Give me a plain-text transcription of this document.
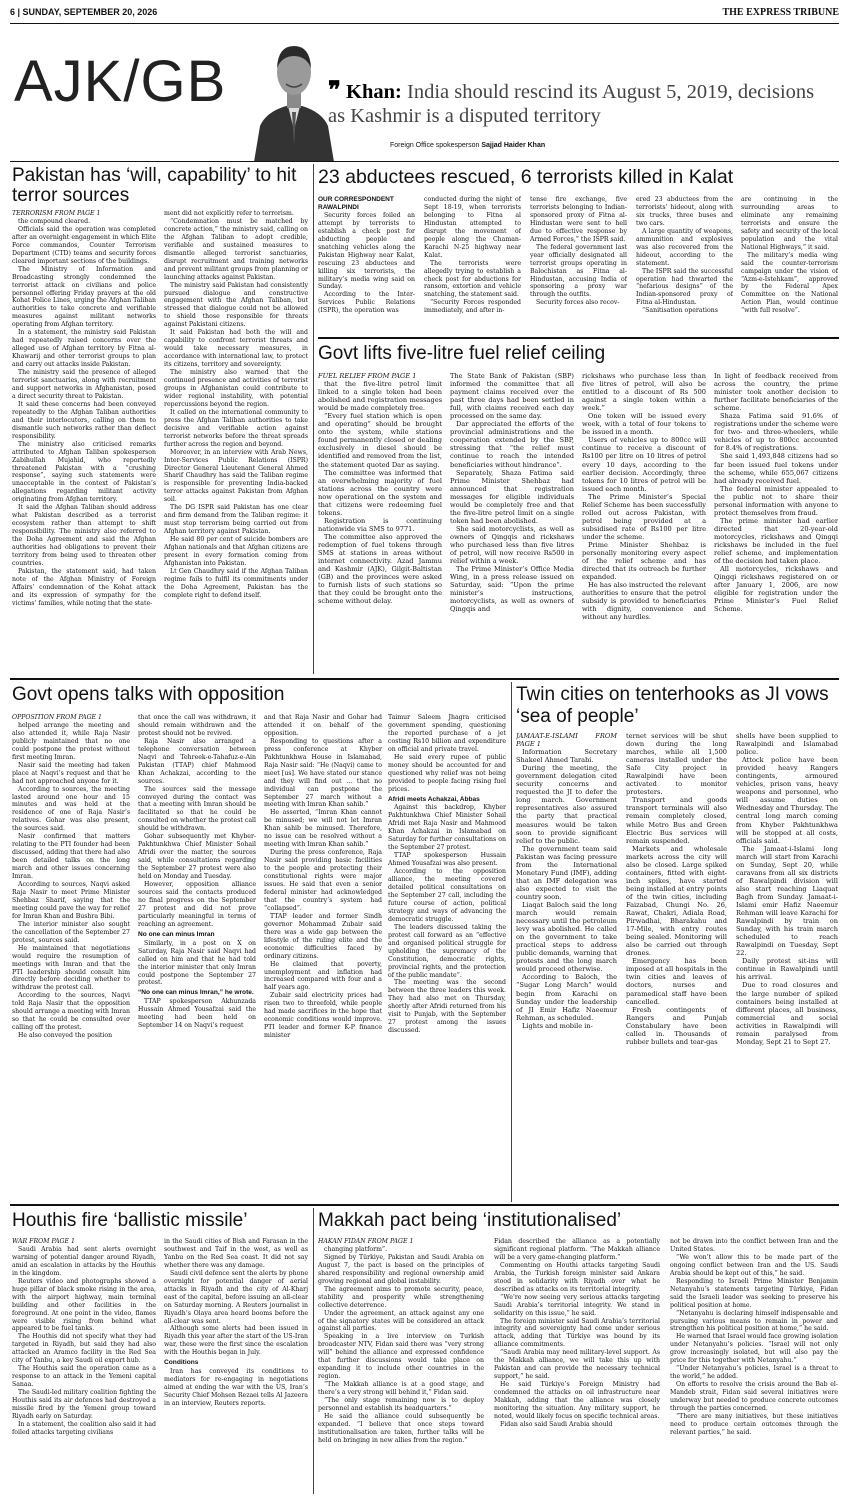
6 | SUNDAY, SEPTEMBER 20, 2026	THE EXPRESS TRIBUNE
AJK/GB	❞ Khan: India should rescind its August 5, 2019, decisions as Kashmir is a disputed territory
Foreign Office spokesperson Sajjad Haider Khan
Pakistan has ‘will, capability’ to hit terror sources

TERRORISM FROM PAGE 1

the compound cleared.

Officials said the operation was completed after an overnight engagement in which Elite Force commandos, Counter Terrorism Department (CTD) teams and security forces cleared important sections of the buildings.

The Ministry of Information and Broadcasting strongly condemned the terrorist attack on civilians and police personnel offering Friday prayers at the old Kohat Police Lines, urging the Afghan Taliban authorities to take concrete and verifiable measures against militant networks operating from Afghan territory.

In a statement, the ministry said Pakistan had repeatedly raised concerns over the alleged use of Afghan territory by Fitna al-Khawarij and other terrorist groups to plan and carry out attacks inside Pakistan.

The ministry said the presence of alleged terrorist sanctuaries, along with recruitment and support networks in Afghanistan, posed a direct security threat to Pakistan.

It said these concerns had been conveyed repeatedly to the Afghan Taliban authorities and their interlocutors, calling on them to dismantle such networks rather than deflect responsibility.

The ministry also criticised remarks attributed to Afghan Taliban spokesperson Zabihullah Mujahid, who reportedly threatened Pakistan with a “crushing response”, saying such statements were unacceptable in the context of Pakistan’s allegations regarding militant activity originating from Afghan territory.

It said the Afghan Taliban should address what Pakistan described as a terrorist ecosystem rather than attempt to shift responsibility. The ministry also referred to the Doha Agreement and said the Afghan authorities had obligations to prevent their territory from being used to threaten other countries.

Pakistan, the statement said, had taken note of the Afghan Ministry of Foreign Affairs’ condemnation of the Kohat attack and its expression of sympathy for the victims’ families, while noting that the state-

ment did not explicitly refer to terrorism.

“Condemnation must be matched by concrete action,” the ministry said, calling on the Afghan Taliban to adopt credible, verifiable and sustained measures to dismantle alleged terrorist sanctuaries, disrupt recruitment and training networks and prevent militant groups from planning or launching attacks against Pakistan.

The ministry said Pakistan had consistently pursued dialogue and constructive engagement with the Afghan Taliban, but stressed that dialogue could not be allowed to shield those responsible for threats against Pakistani citizens.

It said Pakistan had both the will and capability to confront terrorist threats and would take necessary measures, in accordance with international law, to protect its citizens, territory and sovereignty.

The ministry also warned that the continued presence and activities of terrorist groups in Afghanistan could contribute to wider regional instability, with potential repercussions beyond the region.

It called on the international community to press the Afghan Taliban authorities to take decisive and verifiable action against terrorist networks before the threat spreads further across the region and beyond.

Moreover, in an interview with Arab News, Inter-Services Public Relations (ISPR) Director General Lieutenant General Ahmed Sharif Chaudhry has said the Taliban regime is responsible for preventing India-backed terror attacks against Pakistan from Afghan soil.

The DG ISPR said Pakistan has one clear and firm demand from the Taliban regime: it must stop terrorism being carried out from Afghan territory against Pakistan.

He said 80 per cent of suicide bombers are Afghan nationals and that Afghan citizens are present in every formation coming from Afghanistan into Pakistan.

Lt Gen Chaudhry said if the Afghan Taliban regime fails to fulfil its commitments under the Doha Agreement, Pakistan has the complete right to defend itself.

23 abductees rescued, 6 terrorists killed in Kalat

OUR CORRESPONDENT

RAWALPINDI

Security forces foiled an attempt by terrorists to establish a check post for abducting people and snatching vehicles along the Pakistan Highway near Kalat, rescuing 23 abductees and killing six terrorists, the military’s media wing said on Sunday.

According to the Inter-Services Public Relations (ISPR), the operation was

conducted during the night of Sept 18-19, when terrorists belonging to Fitna al Hindustan attempted to disrupt the movement of people along the Chaman-Karachi N-25 highway near Kalat.

The terrorists were allegedly trying to establish a check post for abductions for ransom, extortion and vehicle snatching, the statement said.

“Security Forces responded immediately, and after in-

tense fire exchange, five terrorists belonging to Indian-sponsored proxy of Fitna al-Hindustan were sent to hell due to effective response by Armed Forces,” the ISPR said.

The federal government last year officially designated all terrorist groups operating in Balochistan as Fitna al-Hindustan, accusing India of sponsoring a proxy war through the outfits.

Security forces also recov-

ered 23 abductees from the terrorists’ hideout, along with six trucks, three buses and two cars.

A large quantity of weapons, ammunition and explosives was also recovered from the hideout, according to the statement.

The ISPR said the successful operation had thwarted the “nefarious designs” of the Indian-sponsored proxy of Fitna al-Hindustan.

“Sanitisation operations

are continuing in the surrounding areas to eliminate any remaining terrorists and ensure the safety and security of the local population and the vital National Highways,” it said.

The military’s media wing said the counter-terrorism campaign under the vision of “Azm-e-Istehkam”, approved by the Federal Apex Committee on the National Action Plan, would continue “with full resolve”.

Govt lifts five-litre fuel relief ceiling

FUEL RELIEF FROM PAGE 1

that the five-litre petrol limit linked to a single token had been abolished and registration messages would be made completely free.

“Every fuel station which is open and operating” should be brought onto the system, while stations found permanently closed or dealing exclusively in diesel should be identified and removed from the list, the statement quoted Dar as saying.

The committee was informed that an overwhelming majority of fuel stations across the country were now operational on the system and that citizens were redeeming fuel tokens.

Registration is continuing nationwide via SMS to 9771.

The committee also approved the redemption of fuel tokens through SMS at stations in areas without internet connectivity. Azad Jammu and Kashmir (AJK), Gilgit-Baltistan (GB) and the provinces were asked to furnish lists of such stations so that they could be brought onto the scheme without delay.

The State Bank of Pakistan (SBP) informed the committee that all payment claims received over the past three days had been settled in full, with claims received each day processed on the same day.

Dar appreciated the efforts of the provincial administrations and the cooperation extended by the SBP, stressing that “the relief must continue to reach the intended beneficiaries without hindrance”.

Separately, Shaza Fatima said Prime Minister Shehbaz had announced that registration messages for eligible individuals would be completely free and that the five-litre petrol limit on a single token had been abolished.

She said motorcyclists, as well as owners of Qingqis and rickshaws who purchased less than five litres of petrol, will now receive Rs500 in relief within a week.

The Prime Minister’s Office Media Wing, in a press release issued on Saturday, said: “Upon the prime minister’s instructions, motorcyclists, as well as owners of Qingqis and

rickshaws who purchase less than five litres of petrol, will also be entitled to a discount of Rs 500 against a single token within a week.”

One token will be issued every week, with a total of four tokens to be issued in a month.

Users of vehicles up to 800cc will continue to receive a discount of Rs100 per litre on 10 litres of petrol every 10 days, according to the earlier decision. Accordingly, three tokens for 10 litres of petrol will be issued each month.

The Prime Minister’s Special Relief Scheme has been successfully rolled out across Pakistan, with petrol being provided at a subsidised rate of Rs100 per litre under the scheme.

Prime Minister Shehbaz is personally monitoring every aspect of the relief scheme and has directed that its outreach be further expanded.

He has also instructed the relevant authorities to ensure that the petrol subsidy is provided to beneficiaries with dignity, convenience and without any hurdles.

In light of feedback received from across the country, the prime minister took another decision to further facilitate beneficiaries of the scheme.

Shaza Fatima said 91.6% of registrations under the scheme were for two- and three-wheelers, while vehicles of up to 800cc accounted for 8.4% of registrations.

She said 1,493,848 citizens had so far been issued fuel tokens under the scheme, while 655,067 citizens had already received fuel.

The federal minister appealed to the public not to share their personal information with anyone to protect themselves from fraud.

The prime minister had earlier directed that 20-year-old motorcycles, rickshaws and Qingqi rickshaws be included in the fuel relief scheme, and implementation of the decision had taken place.

All motorcycles, rickshaws and Qingqi rickshaws registered on or after January 1, 2006, are now eligible for registration under the Prime Minister’s Fuel Relief Scheme.

Govt opens talks with opposition

OPPOSITION FROM PAGE 1

helped arrange the meeting and also attended it, while Raja Nasir publicly maintained that no one could postpone the protest without first meeting Imran.

Nasir said the meeting had taken place at Naqvi’s request and that he had not approached anyone for it.

According to sources, the meeting lasted around one hour and 15 minutes and was held at the residence of one of Raja Nasir’s relatives. Gohar was also present, the sources said.

Nasir confirmed that matters relating to the PTI founder had been discussed, adding that there had also been detailed talks on the long march and other issues concerning Imran.

According to sources, Naqvi asked Raja Nasir to meet Prime Minister Shehbaz Sharif, saying that the meeting could pave the way for relief for Imran Khan and Bushra Bibi.

The interior minister also sought the cancellation of the September 27 protest, sources said.

He maintained that negotiations would require the resumption of meetings with Imran and that the PTI leadership should consult him directly before deciding whether to withdraw the protest call.

According to the sources, Naqvi told Raja Nasir that the opposition should arrange a meeting with Imran so that he could be consulted over calling off the protest.

He also conveyed the position

that once the call was withdrawn, it should remain withdrawn and the protest should not be revived.

Raja Nasir also arranged a telephone conversation between Naqvi and Tehreek-e-Tahafuz-e-Ain Pakistan (TTAP) chief Mahmood Khan Achakzai, according to the sources.

The sources said the message conveyed during the contact was that a meeting with Imran should be facilitated so that he could be consulted on whether the protest call should be withdrawn.

Gohar subsequently met Khyber-Pakhtunkhwa Chief Minister Sohail Afridi over the matter, the sources said, while consultations regarding the September 27 protest were also held on Monday and Tuesday.

However, opposition alliance sources said the contacts produced no final progress on the September 27 protest and did not prove particularly meaningful in terms of reaching an agreement.

No one can minus Imran

Similarly, in a post on X on Saturday, Raja Nasir said Naqvi had called on him and that he had told the interior minister that only Imran could postpone the September 27 protest.

“No one can minus Imran,” he wrote.

TTAP spokesperson Akhunzada Hussain Ahmed Yousafzai said the meeting had been held on September 14 on Naqvi’s request

and that Raja Nasir and Gohar had attended it on behalf of the opposition.

Responding to questions after a press conference at Khyber Pakhtunkhwa House in Islamabad, Raja Nasir said: “He (Naqvi) came to meet [us]. We have stated our stance and they will find out ... that no individual can postpone the September 27 march without a meeting with Imran Khan sahib.”

He asserted, “Imran Khan cannot be minused; we will not let Imran Khan sahib be minused. Therefore, no issue can be resolved without a meeting with Imran Khan sahib.”

During the press conference, Raja Nasir said providing basic facilities to the people and protecting their constitutional rights were major issues. He said that even a senior federal minister had acknowledged that the country’s system had “collapsed”.

TTAP leader and former Sindh governor Mohammad Zubair said there was a wide gap between the lifestyle of the ruling elite and the economic difficulties faced by ordinary citizens.

He claimed that poverty, unemployment and inflation had increased compared with four and a half years ago.

Zubair said electricity prices had risen two to threefold, while people had made sacrifices in the hope that economic conditions would improve. PTI leader and former K-P finance minister

Taimur Saleem Jhagra criticised government spending, questioning the reported purchase of a jet costing Rs10 billion and expenditure on official and private travel.

He said every rupee of public money should be accounted for and questioned why relief was not being provided to people facing rising fuel prices.

Afridi meets Achakzai, Abbas

Against this backdrop, Khyber Pakhtunkhwa Chief Minister Sohail Afridi met Raja Nasir and Mahmood Khan Achakzai in Islamabad on Saturday for further consultations on the September 27 protest.

TTAP spokesperson Hussain Ahmed Yousafzai was also present.

According to the opposition alliance, the meeting covered detailed political consultations on the September 27 call, including the future course of action, political strategy and ways of advancing the democratic struggle.

The leaders discussed taking the protest call forward as an “effective and organised political struggle for upholding the supremacy of the Constitution, democratic rights, provincial rights, and the protection of the public mandate”.

The meeting was the second between the three leaders this week. They had also met on Thursday, shortly after Afridi returned from his visit to Punjab, with the September 27 protest among the issues discussed.

Twin cities on tenterhooks as JI vows ‘sea of people’

JAMAAT-E-ISLAMI FROM PAGE 1

Information Secretary Shakeel Ahmed Tarabi.

During the meeting, the government delegation cited security concerns and requested the JI to defer the long march. Government representatives also assured the party that practical measures would be taken soon to provide significant relief to the public.

The government team said Pakistan was facing pressure from the International Monetary Fund (IMF), adding that an IMF delegation was also expected to visit the country soon.

Liaqat Baloch said the long march would remain necessary until the petroleum levy was abolished. He called on the government to take practical steps to address public demands, warning that protests and the long march would proceed otherwise.

According to Baloch, the “Sugar Long March” would begin from Karachi on Sunday under the leadership of JI Emir Hafiz Naeemur Rehman, as scheduled.

Lights and mobile in-

ternet services will be shut down during the long marches, while all 1,500 cameras installed under the Safe City project in Rawalpindi have been activated to monitor protesters.

Transport and goods transport terminals will also remain completely closed, while Metro Bus and Green Electric Bus services will remain suspended.

Markets and wholesale markets across the city will also be closed. Large spiked containers, fitted with eight-inch spikes, have started being installed at entry points of the twin cities, including Faizabad, Chungi No. 26, Rawat, Chakri, Adiala Road, Pirwadhai, Bharakahu and 17-Mile, with entry routes being sealed. Monitoring will also be carried out through drones.

Emergency has been imposed at all hospitals in the twin cities and leaves of doctors, nurses and paramedical staff have been cancelled.

Fresh contingents of Rangers and Punjab Constabulary have been called in. Thousands of rubber bullets and tear-gas

shells have been supplied to Rawalpindi and Islamabad police.

Attock police have been provided heavy Rangers contingents, armoured vehicles, prison vans, heavy weapons and personnel, who will assume duties on Wednesday and Thursday. The central long march coming from Khyber Pakhtunkhwa will be stopped at all costs, officials said.

The Jamaat-i-Islami long march will start from Karachi on Sunday, Sept 20, while caravans from all six districts of Rawalpindi division will also start reaching Liaquat Bagh from Sunday. Jamaat-i-Islami emir Hafiz Naeemur Rehman will leave Karachi for Rawalpindi by train on Sunday, with his train march scheduled to reach Rawalpindi on Tuesday, Sept 22.

Daily protest sit-ins will continue in Rawalpindi until his arrival.

Due to road closures and the large number of spiked containers being installed at different places, all business, commercial and social activities in Rawalpindi will remain paralysed from Monday, Sept 21 to Sept 27.

Houthis fire ‘ballistic missile’

WAR FROM PAGE 1

Saudi Arabia had sent alerts overnight warning of potential danger around Riyadh, amid an escalation in attacks by the Houthis in the kingdom.

Reuters video and photographs showed a huge pillar of black smoke rising in the area, with the airport highway, main terminal building and other facilities in the foreground. At one point in the video, flames were visible rising from behind what appeared to be fuel tanks.

The Houthis did not specify what they had targeted in Riyadh, but said they had also attacked an Aramco facility in the Red Sea city of Yanbu, a key Saudi oil export hub.

The Houthis said the operation came as a response to an attack in the Yemeni capital Sanaa.

The Saudi-led military coalition fighting the Houthis said its air defences had destroyed a missile fired by the Yemeni group toward Riyadh early on Saturday.

In a statement, the coalition also said it had foiled attacks targeting civilians

in the Saudi cities of Bish and Farasan in the southwest and Taif in the west, as well as Yanbu on the Red Sea coast. It did not say whether there was any damage.

Saudi civil defence sent the alerts by phone overnight for potential danger of aerial attacks in Riyadh and the city of Al-Kharj east of the capital, before issuing an all-clear on Saturday morning. A Reuters journalist in Riyadh’s Olaya area heard booms before the all-clear was sent.

Although some alerts had been issued in Riyadh this year after the start of the US-Iran war, these were the first since the escalation with the Houthis began in July.

Conditions

Iran has conveyed its conditions to mediators for re-engaging in negotiations aimed at ending the war with the US, Iran’s Security Chief Mohsen Rezaei tells Al Jazeera in an interview, Reuters reports.

Makkah pact being ‘institutionalised’

HAKAN FIDAN FROM PAGE 1

changing platform”.

Signed by Türkiye, Pakistan and Saudi Arabia on August 7, the pact is based on the principles of shared responsibility and regional ownership amid growing regional and global instability.

The agreement aims to promote security, peace, stability and prosperity while strengthening collective deterrence.

Under the agreement, an attack against any one of the signatory states will be considered an attack against all parties.

Speaking in a live interview on Turkish broadcaster NTV, Fidan said there was “very strong will” behind the alliance and expressed confidence that further discussions would take place on expanding it to include other countries in the region.

“The Makkah alliance is at a good stage, and there’s a very strong will behind it,” Fidan said.

“The only stage remaining now is to deploy personnel and establish its headquarters.”

He said the alliance could subsequently be expanded. “I believe that once steps toward institutionalisation are taken, further talks will be held on bringing in new allies from the region.”

Fidan described the alliance as a potentially significant regional platform. “The Makkah alliance will be a very game-changing platform.”

Commenting on Houthi attacks targeting Saudi Arabia, the Turkish foreign minister said Ankara stood in solidarity with Riyadh over what he described as attacks on its territorial integrity.

“We’re now seeing very serious attacks targeting Saudi Arabia’s territorial integrity. We stand in solidarity on this issue,” he said.

The foreign minister said Saudi Arabia’s territorial integrity and sovereignty had come under serious attack, adding that Türkiye was bound by its alliance commitments.

“Saudi Arabia may need military-level support. As the Makkah alliance, we will take this up with Pakistan and can provide the necessary technical support,” he said.

He said Türkiye’s Foreign Ministry had condemned the attacks on oil infrastructure near Makkah, adding that the alliance was closely monitoring the situation. Any military support, he noted, would likely focus on specific technical areas.

Fidan also said Saudi Arabia should

not be drawn into the conflict between Iran and the United States.

“We won’t allow this to be made part of the ongoing conflict between Iran and the US. Saudi Arabia should be kept out of this,” he said.

Responding to Israeli Prime Minister Benjamin Netanyahu’s statements targeting Türkiye, Fidan said the Israeli leader was seeking to preserve his political position at home.

“Netanyahu is declaring himself indispensable and pursuing various means to remain in power and strengthen his political position at home,” he said.

He warned that Israel would face growing isolation under Netanyahu’s policies. “Israel will not only grow increasingly isolated, but will also pay the price for this together with Netanyahu.”

“Under Netanyahu’s policies, Israel is a threat to the world,” he added.

On efforts to resolve the crisis around the Bab el-Mandeb strait, Fidan said several initiatives were underway but needed to produce concrete outcomes through the parties concerned.

“There are many initiatives, but these initiatives need to produce certain outcomes through the relevant parties,” he said.
